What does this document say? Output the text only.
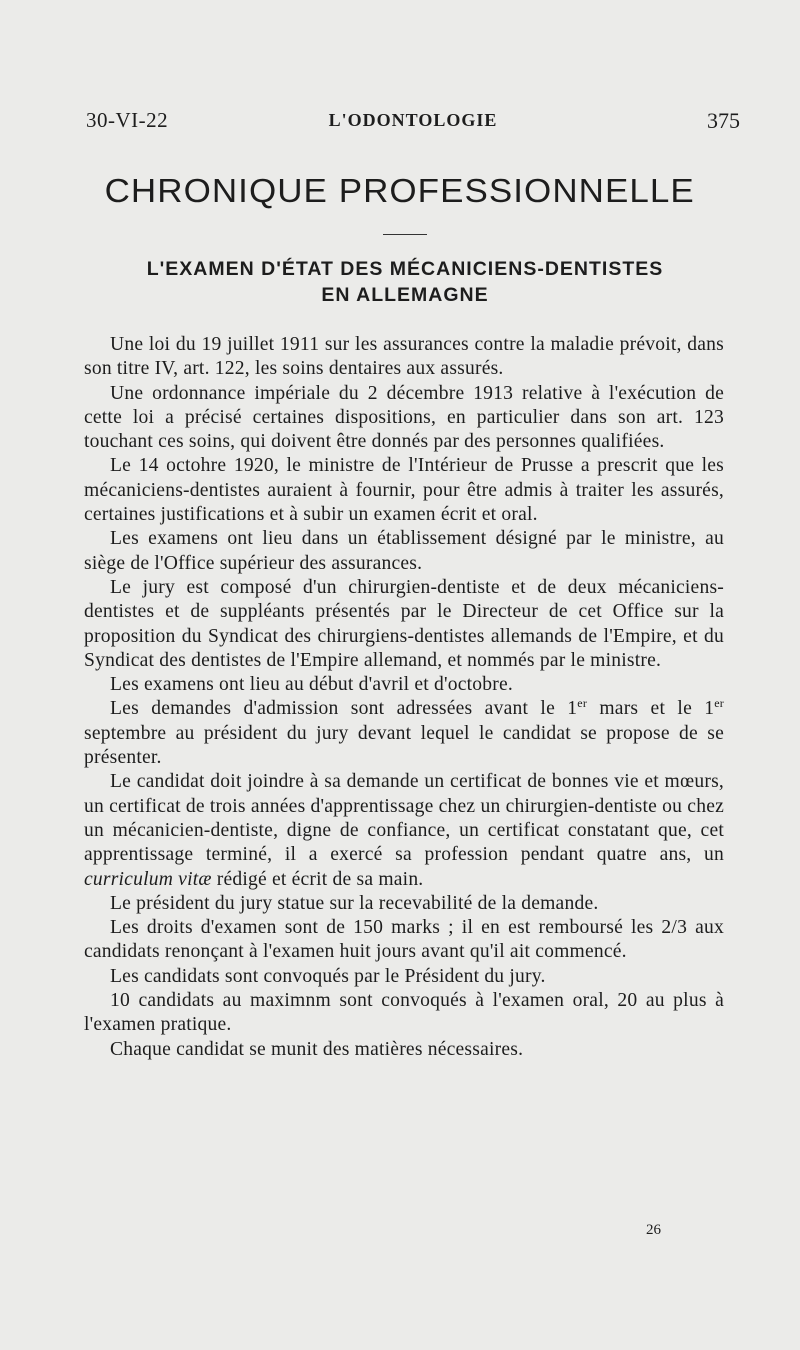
30-VI-22	L'ODONTOLOGIE	375
CHRONIQUE PROFESSIONNELLE
L'EXAMEN D'ÉTAT DES MÉCANICIENS-DENTISTES
EN ALLEMAGNE

Une loi du 19 juillet 1911 sur les assurances contre la maladie prévoit, dans son titre IV, art. 122, les soins dentaires aux assurés.

Une ordonnance impériale du 2 décembre 1913 relative à l'exécution de cette loi a précisé certaines dispositions, en particulier dans son art. 123 touchant ces soins, qui doivent être donnés par des personnes qualifiées.

Le 14 octohre 1920, le ministre de l'Intérieur de Prusse a prescrit que les mécaniciens-dentistes auraient à fournir, pour être admis à traiter les assurés, certaines justifications et à subir un examen écrit et oral.

Les examens ont lieu dans un établissement désigné par le ministre, au siège de l'Office supérieur des assurances.

Le jury est composé d'un chirurgien-dentiste et de deux mécaniciens-dentistes et de suppléants présentés par le Directeur de cet Office sur la proposition du Syndicat des chirurgiens-dentistes allemands de l'Empire, et du Syndicat des dentistes de l'Empire allemand, et nommés par le ministre.

Les examens ont lieu au début d'avril et d'octobre.

Les demandes d'admission sont adressées avant le 1er mars et le 1er septembre au président du jury devant lequel le candidat se propose de se présenter.

Le candidat doit joindre à sa demande un certificat de bonnes vie et mœurs, un certificat de trois années d'apprentissage chez un chirurgien-dentiste ou chez un mécanicien-dentiste, digne de confiance, un certificat constatant que, cet apprentissage terminé, il a exercé sa profession pendant quatre ans, un curriculum vitæ rédigé et écrit de sa main.

Le président du jury statue sur la recevabilité de la demande.

Les droits d'examen sont de 150 marks ; il en est remboursé les 2/3 aux candidats renonçant à l'examen huit jours avant qu'il ait commencé.

Les candidats sont convoqués par le Président du jury.

10 candidats au maximnm sont convoqués à l'examen oral, 20 au plus à l'examen pratique.

Chaque candidat se munit des matières nécessaires.

26
